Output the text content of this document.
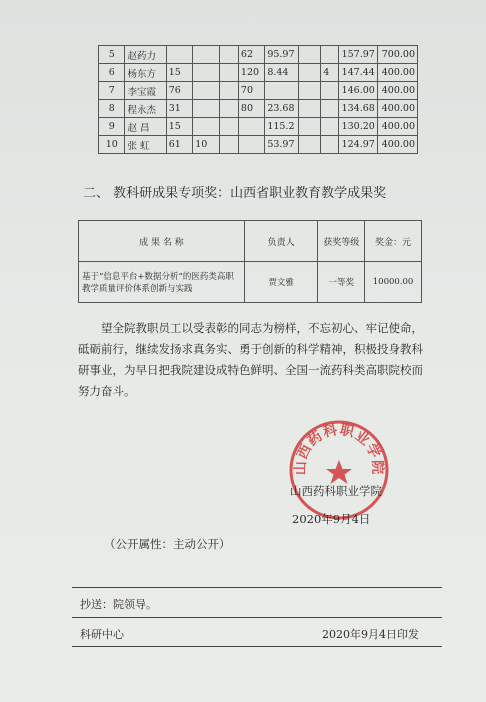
5	赵药力				62	95.97			157.97	700.00
6	杨东方	15			120	8.44		4	147.44	400.00
7	李宝霞	76			70				146.00	400.00
8	程永杰	31			80	23.68			134.68	400.00
9	赵 昌	15				115.2			130.20	400.00
10	张 虹	61	10			53.97			124.97	400.00
二、 教科研成果专项奖：山西省职业教育教学成果奖
成 果 名 称	负责人	获奖等级	奖金：元
基于“信息平台+数据分析”的医药类高职教学质量评价体系创新与实践	贾文雅	一等奖	10000.00
望全院教职员工以受表彰的同志为榜样，不忘初心、牢记使命，砥砺前行，继续发扬求真务实、勇于创新的科学精神，积极投身教科研事业，为早日把我院建设成特色鲜明、全国一流药科类高职院校而努力奋斗。
山西药科职业学院
山西药科职业学院
2020年9月4日
（公开属性：主动公开）
抄送：院领导。
科研中心	2020年9月4日印发
